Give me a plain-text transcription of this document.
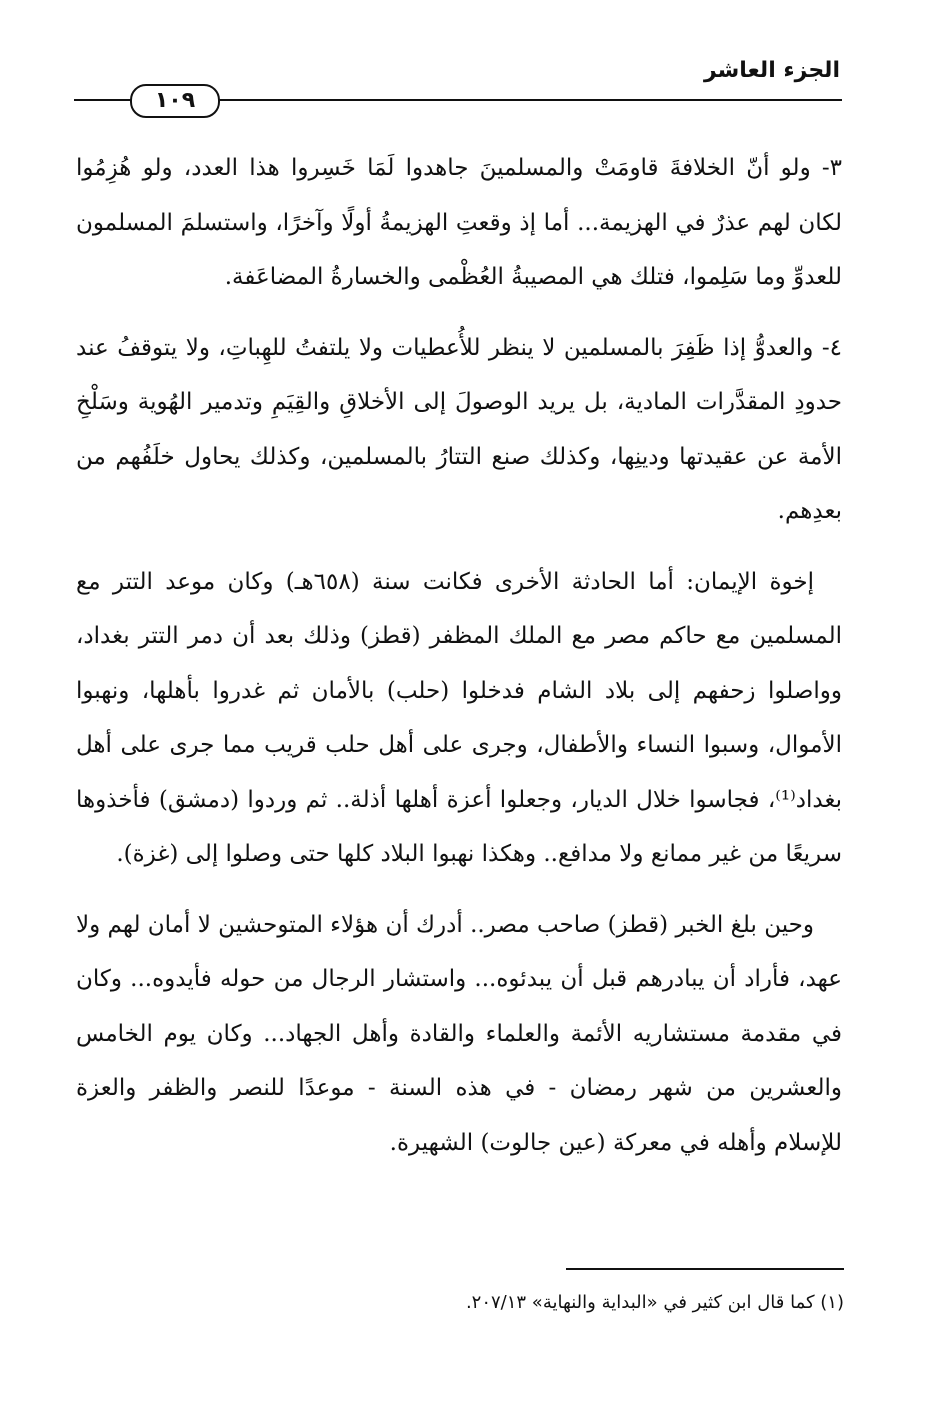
الجزء العاشر
١٠٩

٣- ولو أنّ الخلافةَ قاومَتْ والمسلمينَ جاهدوا لَمَا خَسِروا هذا العدد، ولو هُزِمُوا لكان لهم عذرٌ في الهزيمة... أما إذ وقعتِ الهزيمةُ أولًا وآخرًا، واستسلمَ المسلمون للعدوِّ وما سَلِموا، فتلك هي المصيبةُ العُظْمى والخسارةُ المضاعَفة.

٤- والعدوُّ إذا ظَفِرَ بالمسلمين لا ينظر للأُعطيات ولا يلتفتُ للهِباتِ، ولا يتوقفُ عند حدودِ المقدَّرات المادية، بل يريد الوصولَ إلى الأخلاقِ والقِيَمِ وتدمير الهُوية وسَلْخِ الأمة عن عقيدتها ودينِها، وكذلك صنع التتارُ بالمسلمين، وكذلك يحاول خلَفُهم من بعدِهم.

إخوة الإيمان: أما الحادثة الأخرى فكانت سنة (٦٥٨هـ) وكان موعد التتر مع المسلمين مع حاكم مصر مع الملك المظفر (قطز) وذلك بعد أن دمر التتر بغداد، وواصلوا زحفهم إلى بلاد الشام فدخلوا (حلب) بالأمان ثم غدروا بأهلها، ونهبوا الأموال، وسبوا النساء والأطفال، وجرى على أهل حلب قريب مما جرى على أهل بغداد⁽¹⁾، فجاسوا خلال الديار، وجعلوا أعزة أهلها أذلة.. ثم وردوا (دمشق) فأخذوها سريعًا من غير ممانع ولا مدافع.. وهكذا نهبوا البلاد كلها حتى وصلوا إلى (غزة).

وحين بلغ الخبر (قطز) صاحب مصر.. أدرك أن هؤلاء المتوحشين لا أمان لهم ولا عهد، فأراد أن يبادرهم قبل أن يبدئوه... واستشار الرجال من حوله فأيدوه... وكان في مقدمة مستشاريه الأئمة والعلماء والقادة وأهل الجهاد... وكان يوم الخامس والعشرين من شهر رمضان - في هذه السنة - موعدًا للنصر والظفر والعزة للإسلام وأهله في معركة (عين جالوت) الشهيرة.

(١) كما قال ابن كثير في «البداية والنهاية» ٢٠٧/١٣.
